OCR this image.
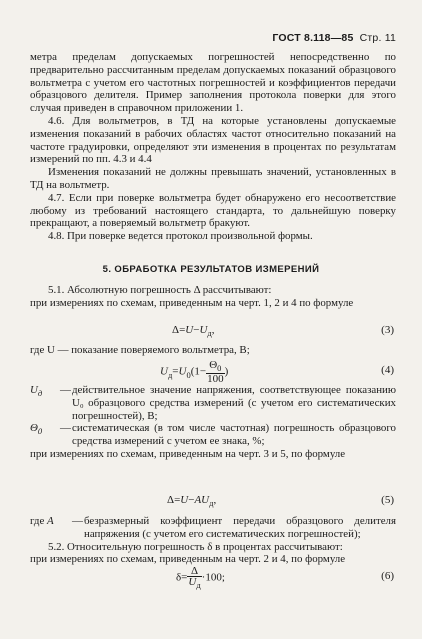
ГОСТ 8.118—85 Стр. 11

метра пределам допускаемых погрешностей непосредственно по предварительно рассчитанным пределам допускаемых показаний образцового вольтметра с учетом его частотных погрешностей и коэффициентов передачи образцового делителя. Пример заполнения протокола поверки для этого случая приведен в справочном приложении 1.

4.6. Для вольтметров, в ТД на которые установлены допускаемые изменения показаний в рабочих областях частот относительно показаний на частоте градуировки, определяют эти изменения в процентах по результатам измерений по пп. 4.3 и 4.4

Изменения показаний не должны превышать значений, установленных в ТД на вольтметр.

4.7. Если при поверке вольтметра будет обнаружено его несоответствие любому из требований настоящего стандарта, то дальнейшую поверку прекращают, а поверяемый вольтметр бракуют.

4.8. При поверке ведется протокол произвольной формы.

5. ОБРАБОТКА РЕЗУЛЬТАТОВ ИЗМЕРЕНИЙ

5.1. Абсолютную погрешность Δ рассчитывают:

при измерениях по схемам, приведенным на черт. 1, 2 и 4 по формуле

$\Delta=U-U_д$,	(3)

где U — показание поверяемого вольтметра, В;

$U_д=U_0(1- \frac{\Theta_0}{100}$ )	(4)
$U_д$	— действительное значение напряжения, соответствующее показанию U₀ образцового средства измерений (с учетом его систематических погрешностей), В;
$\Theta_0$	— систематическая (в том числе частотная) погрешность образцового средства измерений с учетом ее знака, %;

при измерениях по схемам, приведенным на черт. 3 и 5, по формуле

$\Delta=U-AU_д$,	(5)
где A	— безразмерный коэффициент передачи образцового делителя напряжения (с учетом его систематических погрешностей);

5.2. Относительную погрешность δ в процентах рассчитывают:

при измерениях по схемам, приведенным на черт. 2 и 4, по формуле

$\delta= \frac{\Delta}{U_д} \cdot 100$;	(6)
